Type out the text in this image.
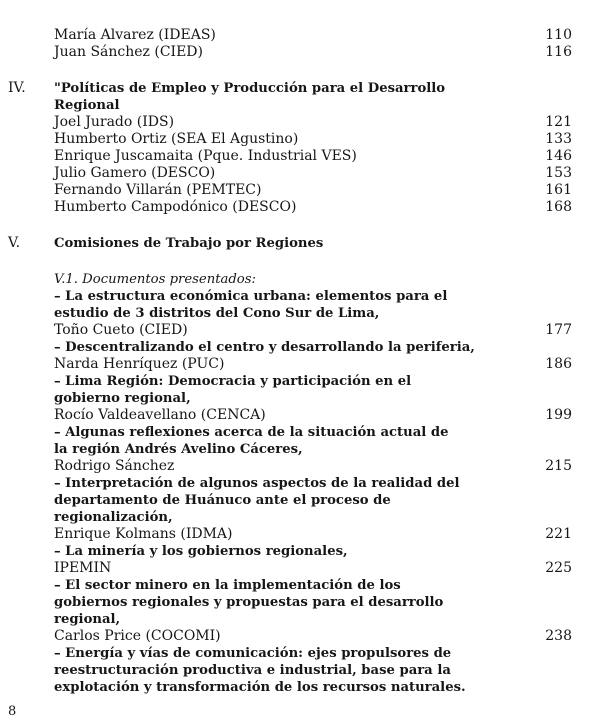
María Alvarez (IDEAS)	110
Juan Sánchez (CIED)	116
IV. "Políticas de Empleo y Producción para el Desarrollo
Regional
Joel Jurado (IDS)	121
Humberto Ortiz (SEA El Agustino)	133
Enrique Juscamaita (Pque. Industrial VES)	146
Julio Gamero (DESCO)	153
Fernando Villarán (PEMTEC)	161
Humberto Campodónico (DESCO)	168
V.	Comisiones de Trabajo por Regiones
V.1. Documentos presentados:
– La estructura económica urbana: elementos para el
estudio de 3 distritos del Cono Sur de Lima,
Toño Cueto (CIED)	177
– Descentralizando el centro y desarrollando la periferia,
Narda Henríquez (PUC)	186
– Lima Región: Democracia y participación en el
gobierno regional,
Rocío Valdeavellano (CENCA)	199
– Algunas reflexiones acerca de la situación actual de
la región Andrés Avelino Cáceres,
Rodrigo Sánchez	215
– Interpretación de algunos aspectos de la realidad del
departamento de Huánuco ante el proceso de
regionalización,
Enrique Kolmans (IDMA)	221
– La minería y los gobiernos regionales,
IPEMIN	225
– El sector minero en la implementación de los
gobiernos regionales y propuestas para el desarrollo
regional,
Carlos Price (COCOMI)	238
– Energía y vías de comunicación: ejes propulsores de
reestructuración productiva e industrial, base para la
explotación y transformación de los recursos naturales.
8
